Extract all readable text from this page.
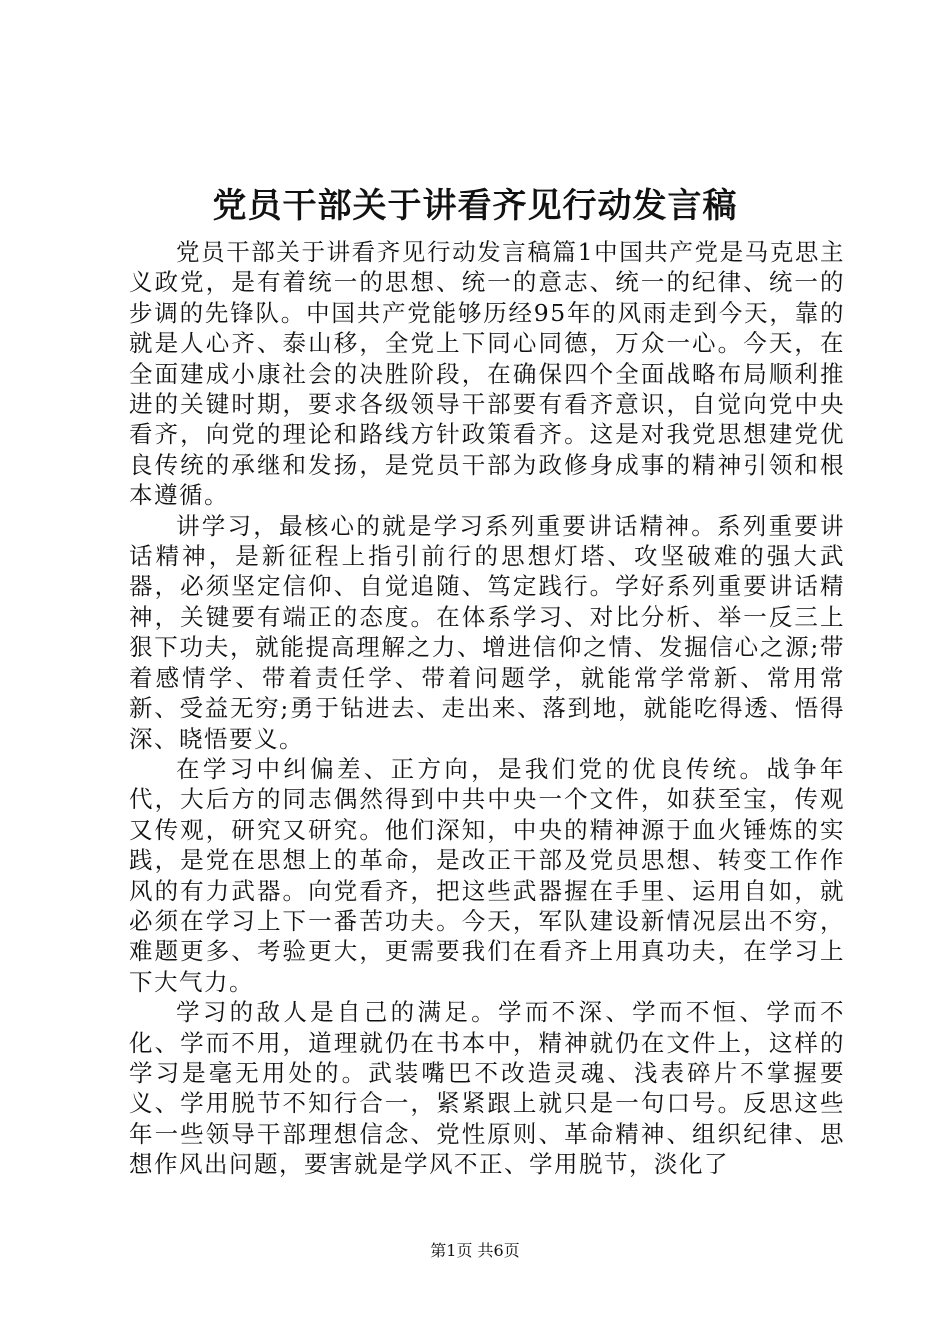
党员干部关于讲看齐见行动发言稿

党员干部关于讲看齐见行动发言稿篇1中国共产党是马克思主义政党，是有着统一的思想、统一的意志、统一的纪律、统一的步调的先锋队。中国共产党能够历经95年的风雨走到今天，靠的就是人心齐、泰山移，全党上下同心同德，万众一心。今天，在全面建成小康社会的决胜阶段，在确保四个全面战略布局顺利推进的关键时期，要求各级领导干部要有看齐意识，自觉向党中央看齐，向党的理论和路线方针政策看齐。这是对我党思想建党优良传统的承继和发扬，是党员干部为政修身成事的精神引领和根本遵循。

讲学习，最核心的就是学习系列重要讲话精神。系列重要讲话精神，是新征程上指引前行的思想灯塔、攻坚破难的强大武器，必须坚定信仰、自觉追随、笃定践行。学好系列重要讲话精神，关键要有端正的态度。在体系学习、对比分析、举一反三上狠下功夫，就能提高理解之力、增进信仰之情、发掘信心之源;带着感情学、带着责任学、带着问题学，就能常学常新、常用常新、受益无穷;勇于钻进去、走出来、落到地，就能吃得透、悟得深、晓悟要义。

在学习中纠偏差、正方向，是我们党的优良传统。战争年代，大后方的同志偶然得到中共中央一个文件，如获至宝，传观又传观，研究又研究。他们深知，中央的精神源于血火锤炼的实践，是党在思想上的革命，是改正干部及党员思想、转变工作作风的有力武器。向党看齐，把这些武器握在手里、运用自如，就必须在学习上下一番苦功夫。今天，军队建设新情况层出不穷，难题更多、考验更大，更需要我们在看齐上用真功夫，在学习上下大气力。

学习的敌人是自己的满足。学而不深、学而不恒、学而不化、学而不用，道理就仍在书本中，精神就仍在文件上，这样的学习是毫无用处的。武装嘴巴不改造灵魂、浅表碎片不掌握要义、学用脱节不知行合一，紧紧跟上就只是一句口号。反思这些年一些领导干部理想信念、党性原则、革命精神、组织纪律、思想作风出问题，要害就是学风不正、学用脱节，淡化了

第1页 共6页
